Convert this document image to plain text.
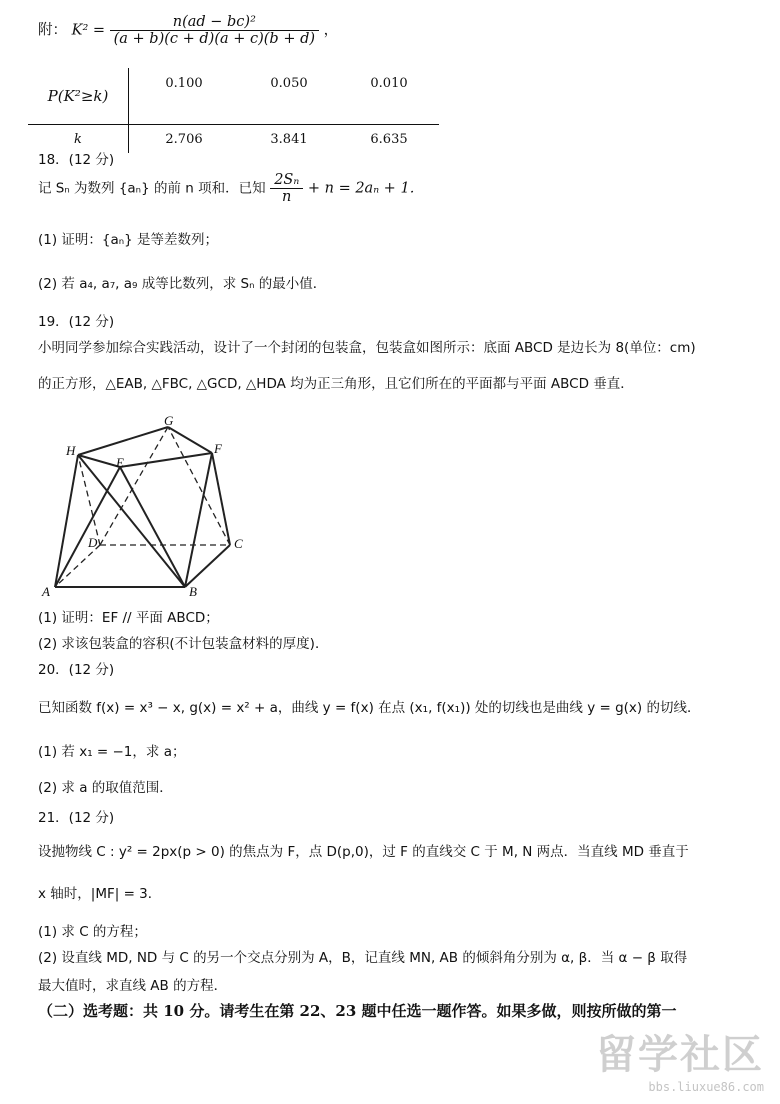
附： $K^2 = \frac{\text{n(ad − bc)²}}{(a + b)(c + d)(a + c)(b + d)}$ ，
P(K²≥k)	0.100	0.050	0.010
k	2.706	3.841	6.635
18．(12 分)
记 Sₙ 为数列 {aₙ} 的前 n 项和．已知 $\frac{\text{2Sₙ}}{n} + n = 2a_n + 1$．
(1) 证明：{aₙ} 是等差数列；
(2) 若 a₄, a₇, a₉ 成等比数列，求 Sₙ 的最小值．
19．(12 分)
小明同学参加综合实践活动，设计了一个封闭的包装盒，包装盒如图所示：底面 ABCD 是边长为 8(单位：cm)
的正方形，△EAB, △FBC, △GCD, △HDA 均为正三角形，且它们所在的平面都与平面 ABCD 垂直．
H
G
F
E
D	C
A	B
(1) 证明：EF // 平面 ABCD；
(2) 求该包装盒的容积(不计包装盒材料的厚度)．
20．(12 分)
已知函数 f(x) = x³ − x, g(x) = x² + a，曲线 y = f(x) 在点 (x₁, f(x₁)) 处的切线也是曲线 y = g(x) 的切线．
(1) 若 x₁ = −1，求 a；
(2) 求 a 的取值范围．
21．(12 分)
设抛物线 C : y² = 2px(p > 0) 的焦点为 F，点 D(p,0)，过 F 的直线交 C 于 M, N 两点．当直线 MD 垂直于
x 轴时，|MF| = 3．
(1) 求 C 的方程；
(2) 设直线 MD, ND 与 C 的另一个交点分别为 A，B，记直线 MN, AB 的倾斜角分别为 α, β．当 α − β 取得
最大值时，求直线 AB 的方程．
（二）选考题：共 10 分。请考生在第 22、23 题中任选一题作答。如果多做，则按所做的第一
留学社区
bbs.liuxue86.com
